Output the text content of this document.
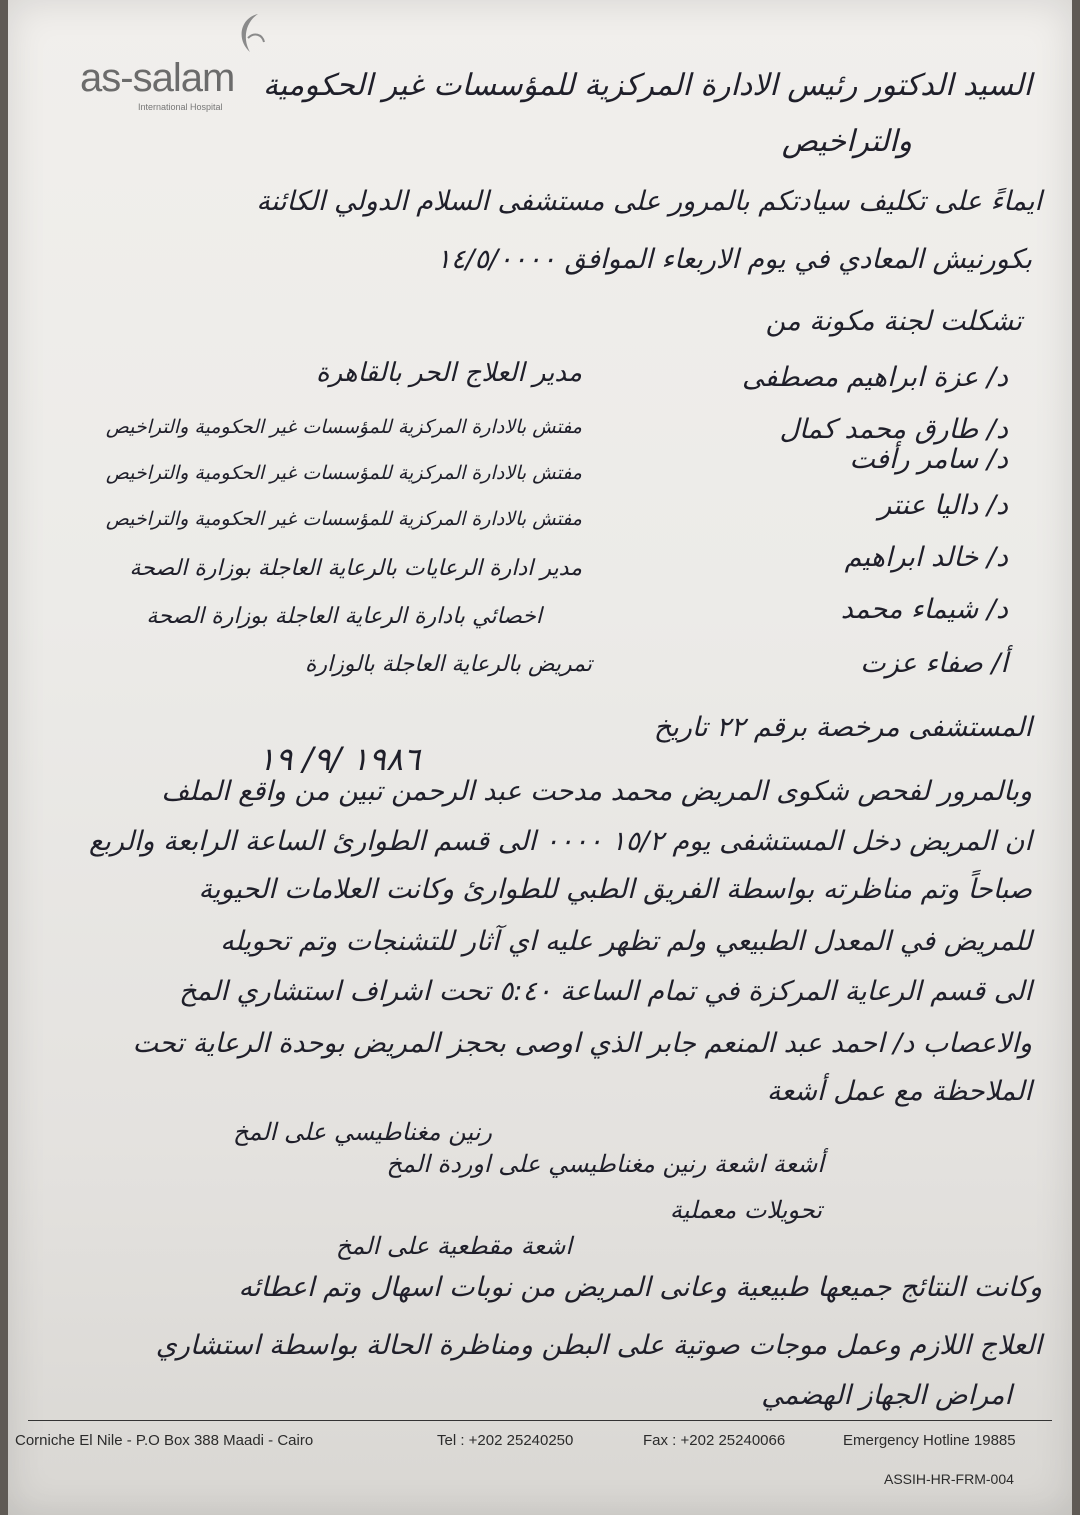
as-salam
International Hospital
السيد الدكتور رئيس الادارة المركزية للمؤسسات غير الحكومية
والتراخيص
ايماءً على تكليف سيادتكم بالمرور على مستشفى السلام الدولي الكائنة
بكورنيش المعادي في يوم الاربعاء الموافق ١٤/٥/٠٠٠٠
تشكلت لجنة مكونة من
د/ عزة ابراهيم مصطفى
مدير العلاج الحر بالقاهرة
د/ طارق محمد كمال
مفتش بالادارة المركزية للمؤسسات غير الحكومية والتراخيص
د/ سامر رأفت
مفتش بالادارة المركزية للمؤسسات غير الحكومية والتراخيص
د/ داليا عنتر
مفتش بالادارة المركزية للمؤسسات غير الحكومية والتراخيص
د/ خالد ابراهيم
مدير ادارة الرعايات بالرعاية العاجلة بوزارة الصحة
د/ شيماء محمد
اخصائي بادارة الرعاية العاجلة بوزارة الصحة
أ/ صفاء عزت
تمريض بالرعاية العاجلة بالوزارة
المستشفى مرخصة برقم ٢٢ تاريخ
١٩٨٦ /٩/ ١٩
وبالمرور لفحص شكوى المريض محمد مدحت عبد الرحمن تبين من واقع الملف
ان المريض دخل المستشفى يوم ١٥/٢ ٠٠٠٠ الى قسم الطوارئ الساعة الرابعة والربع
صباحاً وتم مناظرته بواسطة الفريق الطبي للطوارئ وكانت العلامات الحيوية
للمريض في المعدل الطبيعي ولم تظهر عليه اي آثار للتشنجات وتم تحويله
الى قسم الرعاية المركزة في تمام الساعة ٥:٤٠ تحت اشراف استشاري المخ
والاعصاب د/ احمد عبد المنعم جابر الذي اوصى بحجز المريض بوحدة الرعاية تحت
الملاحظة مع عمل أشعة
رنين مغناطيسي على المخ
أشعة اشعة رنين مغناطيسي على اوردة المخ
تحويلات معملية
اشعة مقطعية على المخ
وكانت النتائج جميعها طبيعية وعانى المريض من نوبات اسهال وتم اعطائه
العلاج اللازم وعمل موجات صوتية على البطن ومناظرة الحالة بواسطة استشاري
امراض الجهاز الهضمي
Corniche El Nile - P.O Box 388 Maadi - Cairo	Tel : +202 25240250	Fax : +202 25240066	Emergency Hotline 19885
ASSIH-HR-FRM-004
